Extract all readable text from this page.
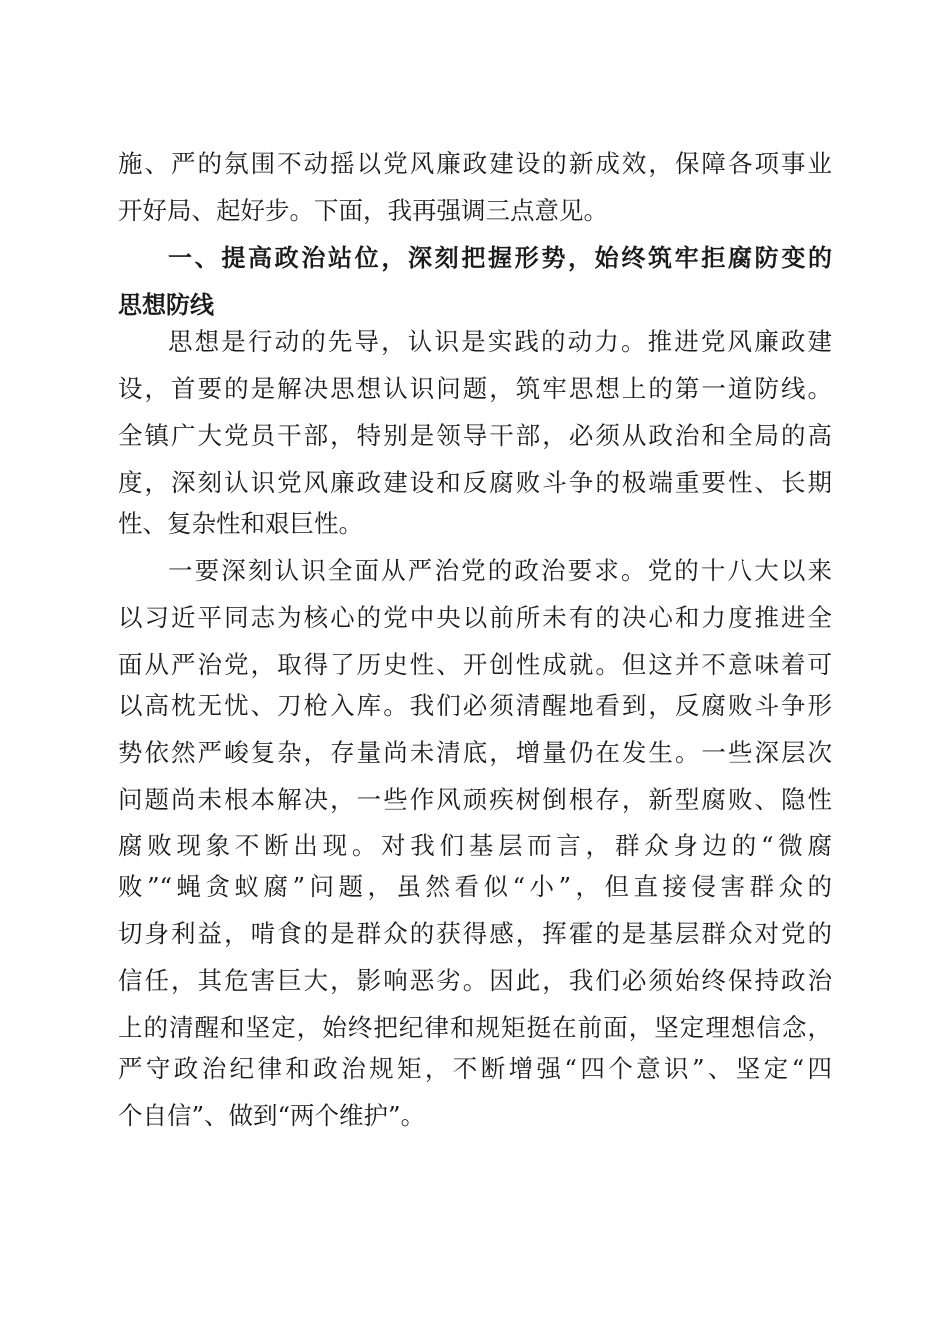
施、严的氛围不动摇以党风廉政建设的新成效，保障各项事业
开好局、起好步。下面，我再强调三点意见。
一、提高政治站位，深刻把握形势，始终筑牢拒腐防变的
思想防线
思想是行动的先导，认识是实践的动力。推进党风廉政建
设，首要的是解决思想认识问题，筑牢思想上的第一道防线。
全镇广大党员干部，特别是领导干部，必须从政治和全局的高
度，深刻认识党风廉政建设和反腐败斗争的极端重要性、长期
性、复杂性和艰巨性。
一要深刻认识全面从严治党的政治要求。党的十八大以来
以习近平同志为核心的党中央以前所未有的决心和力度推进全
面从严治党，取得了历史性、开创性成就。但这并不意味着可
以高枕无忧、刀枪入库。我们必须清醒地看到，反腐败斗争形
势依然严峻复杂，存量尚未清底，增量仍在发生。一些深层次
问题尚未根本解决，一些作风顽疾树倒根存，新型腐败、隐性
腐败现象不断出现。对我们基层而言，群众身边的“微腐
败”“蝇贪蚁腐”问题，虽然看似“小”，但直接侵害群众的
切身利益，啃食的是群众的获得感，挥霍的是基层群众对党的
信任，其危害巨大，影响恶劣。因此，我们必须始终保持政治
上的清醒和坚定，始终把纪律和规矩挺在前面，坚定理想信念，
严守政治纪律和政治规矩，不断增强“四个意识”、坚定“四
个自信”、做到“两个维护”。
